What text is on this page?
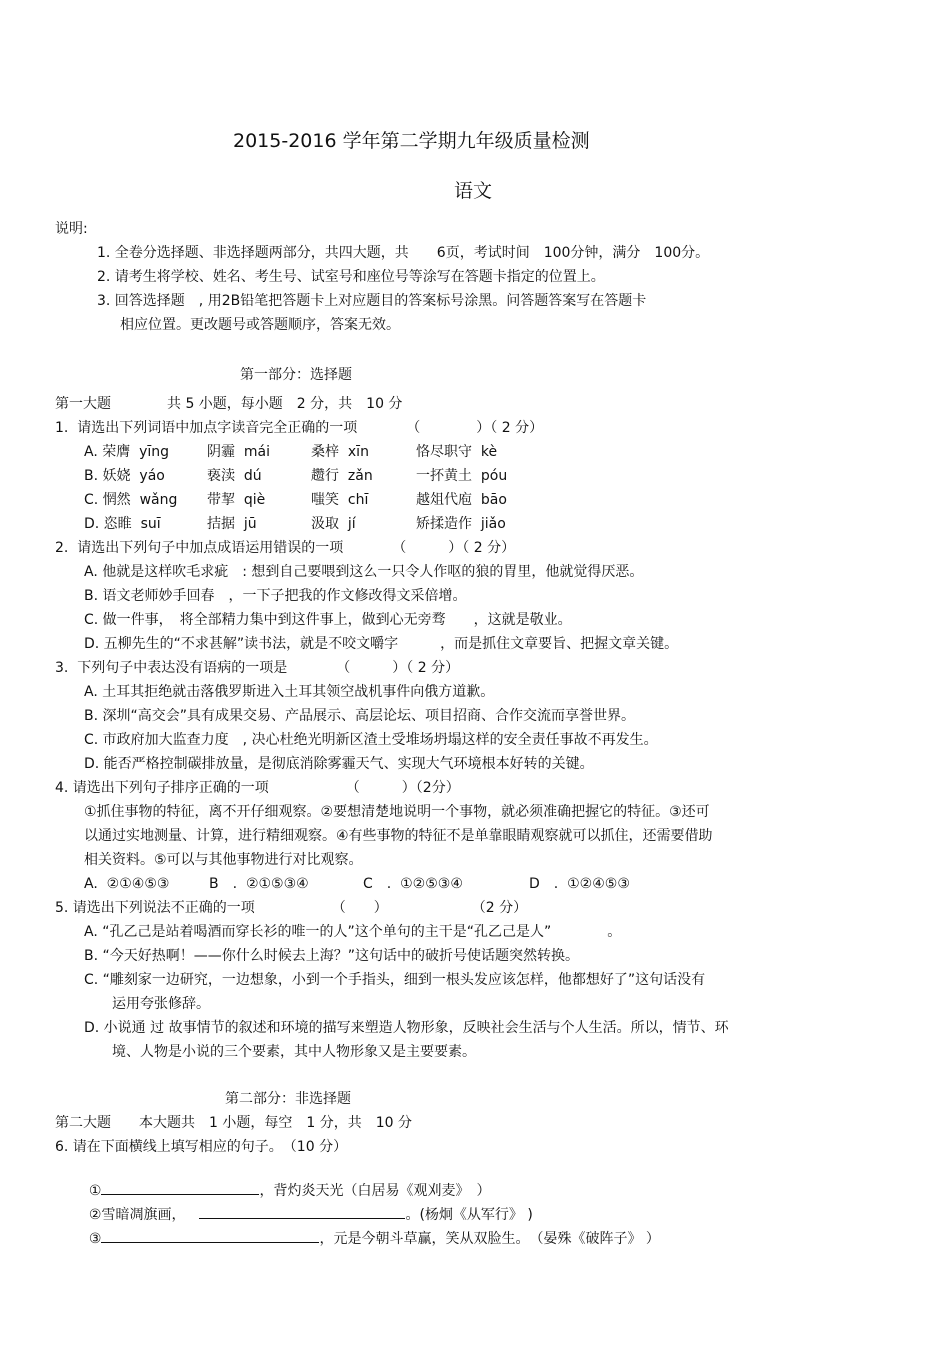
2015-2016 学年第二学期九年级质量检测
语文
说明:
1. 全卷分选择题、非选择题两部分，共四大题，共　　6页，考试时间　100分钟，满分　100分。
2. 请考生将学校、姓名、考生号、试室号和座位号等涂写在答题卡指定的位置上。
3. 回答选择题　, 用2B铅笔把答题卡上对应题目的答案标号涂黑。问答题答案写在答题卡
相应位置。更改题号或答题顺序，答案无效。
第一部分：选择题
第一大题　　　　共 5 小题，每小题　2 分，共　10 分
1.  请选出下列词语中加点字读音完全正确的一项　　　　（　　　　）（ 2 分）
A. 荣膺  yīng	阴霾  mái	桑梓  xīn	恪尽职守  kè
B. 妖娆  yáo	亵渎  dú	趱行  zǎn	一抔黄土  póu
C. 惘然  wǎng 带挈  qiè	嗤笑  chī	越俎代庖  bāo
D. 恣睢  suī	拮据  jū	汲取  jí	矫揉造作  jiǎo
2.  请选出下列句子中加点成语运用错误的一项　　　　（　　　）（ 2 分）
A. 他就是这样吹毛求疵　: 想到自己要喂到这么一只令人作呕的狼的胃里，他就觉得厌恶。
B. 语文老师妙手回春　，一下子把我的作文修改得文采倍增。
C. 做一件事，　将全部精力集中到这件事上，做到心无旁骛　　，这就是敬业。
D. 五柳先生的“不求甚解”读书法，就是不咬文嚼字　　　，而是抓住文章要旨、把握文章关键。
3.  下列句子中表达没有语病的一项是　　　　（　　　）（ 2 分）
A. 土耳其拒绝就击落俄罗斯进入土耳其领空战机事件向俄方道歉。
B. 深圳“高交会”具有成果交易、产品展示、高层论坛、项目招商、合作交流而享誉世界。
C. 市政府加大监查力度　, 决心杜绝光明新区渣土受堆场坍塌这样的安全责任事故不再发生。
D. 能否严格控制碳排放量，是彻底消除雾霾天气、实现大气环境根本好转的关键。
4. 请选出下列句子排序正确的一项　　　　　　（　　　）（2分）
①抓住事物的特征，离不开仔细观察。②要想清楚地说明一个事物，就必须准确把握它的特征。③还可
以通过实地测量、计算，进行精细观察。④有些事物的特征不是单靠眼睛观察就可以抓住，还需要借助
相关资料。⑤可以与其他事物进行对比观察。
A.  ②①④⑤③	B　.  ②①⑤③④	C　.  ①②⑤③④	D　.  ①②④⑤③
5. 请选出下列说法不正确的一项　　　　　　（　　）　　　　　　　（2 分）
A. “孔乙己是站着喝酒而穿长衫的唯一的人”这个单句的主干是“孔乙己是人”　　　　。
B. “今天好热啊！——你什么时候去上海？”这句话中的破折号使话题突然转换。
C. “雕刻家一边研究，一边想象，小到一个手指头，细到一根头发应该怎样，他都想好了”这句话没有
运用夸张修辞。
D. 小说通 过 故事情节的叙述和环境的描写来塑造人物形象，反映社会生活与个人生活。所以，情节、环
境、人物是小说的三个要素，其中人物形象又是主要要素。
第二部分：非选择题
第二大题　　本大题共　1 小题，每空　1 分，共　10 分
6. 请在下面横线上填写相应的句子。　（10 分）

①	，背灼炎天光（白居易《观刈麦》　）

②雪暗凋旗画，	。(杨炯《从军行》 )

③	，元是今朝斗草赢，笑从双脸生。　（晏殊《破阵子》 ）
